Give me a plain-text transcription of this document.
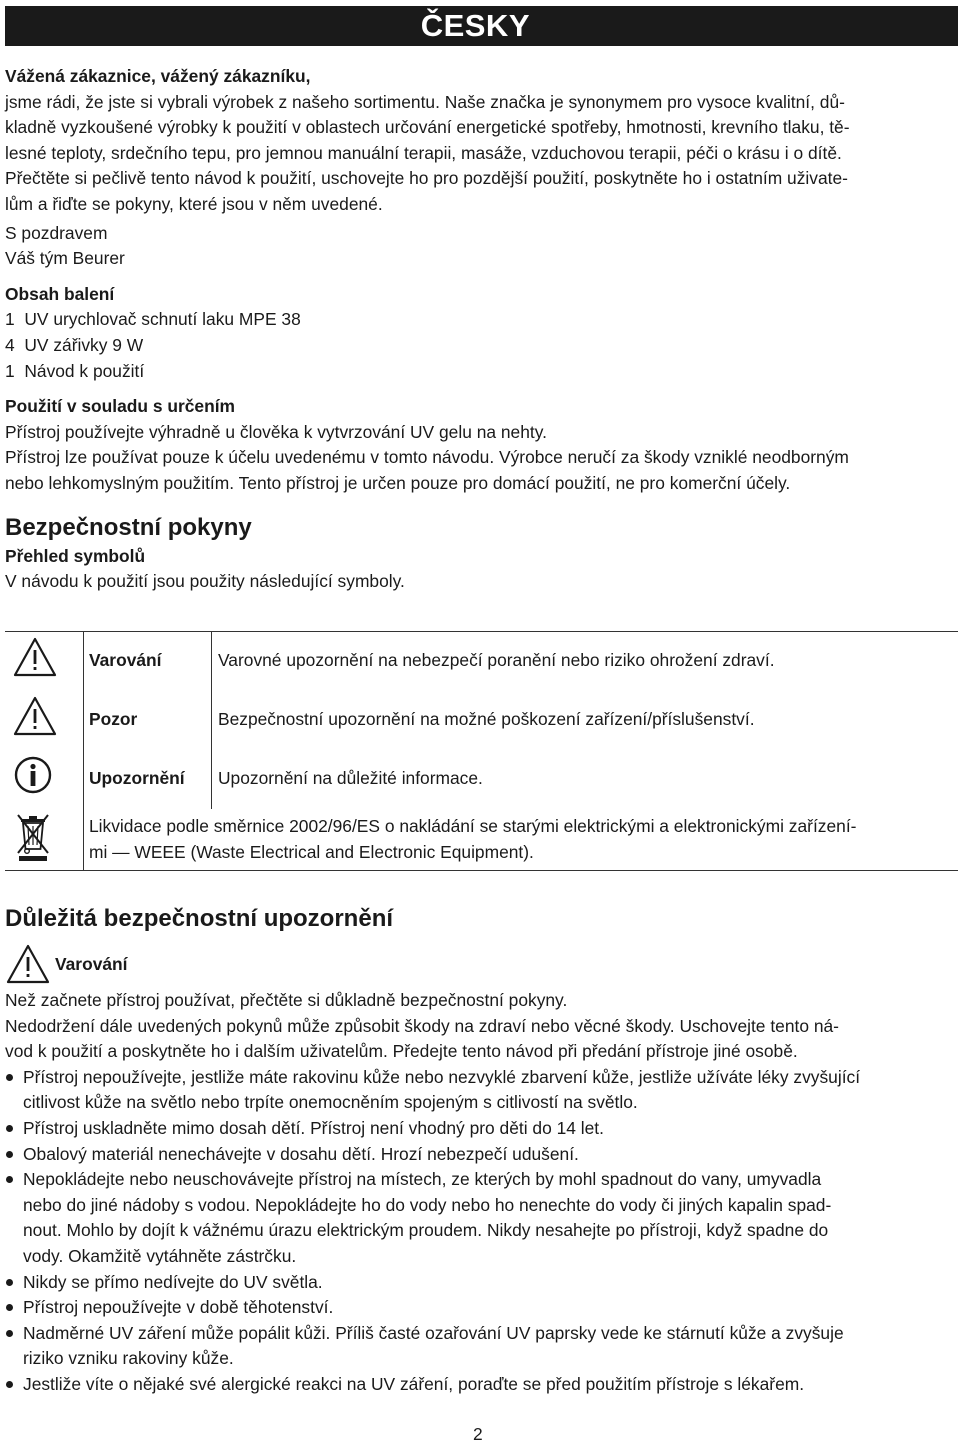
ČESKY

Vážená zákaznice, vážený zákazníku,

jsme rádi, že jste si vybrali výrobek z našeho sortimentu. Naše značka je synonymem pro vysoce kvalitní, dů-

kladně vyzkoušené výrobky k použití v oblastech určování energetické spotřeby, hmotnosti, krevního tlaku, tě-

lesné teploty, srdečního tepu, pro jemnou manuální terapii, masáže, vzduchovou terapii, péči o krásu i o dítě.

Přečtěte si pečlivě tento návod k použití, uschovejte ho pro pozdější použití, poskytněte ho i ostatním uživate-

lům a řiďte se pokyny, které jsou v něm uvedené.

S pozdravem

Váš tým Beurer

Obsah balení

1  UV urychlovač schnutí laku MPE 38

4  UV zářivky 9 W

1  Návod k použití

Použití v souladu s určením

Přístroj používejte výhradně u člověka k vytvrzování UV gelu na nehty.

Přístroj lze používat pouze k účelu uvedenému v tomto návodu. Výrobce neručí za škody vzniklé neodborným

nebo lehkomyslným použitím. Tento přístroj je určen pouze pro domácí použití, ne pro komerční účely.

Bezpečnostní pokyny

Přehled symbolů

V návodu k použití jsou použity následující symboly.

	Varování	Varovné upozornění na nebezpečí poranění nebo riziko ohrožení zdraví.
	Pozor	Bezpečnostní upozornění na možné poškození zařízení/příslušenství.
	Upozornění	Upozornění na důležité informace.

Likvidace podle směrnice 2002/96/ES o nakládání se starými elektrickými a elektronickými zařízení-
mi — WEEE (Waste Electrical and Electronic Equipment).	

Důležitá bezpečnostní upozornění

Varování

Než začnete přístroj používat, přečtěte si důkladně bezpečnostní pokyny.

Nedodržení dále uvedených pokynů může způsobit škody na zdraví nebo věcné škody. Uschovejte tento ná-

vod k použití a poskytněte ho i dalším uživatelům. Předejte tento návod při předání přístroje jiné osobě.

Přístroj nepoužívejte, jestliže máte rakovinu kůže nebo nezvyklé zbarvení kůže, jestliže užíváte léky zvyšující
citlivost kůže na světlo nebo trpíte onemocněním spojeným s citlivostí na světlo.
Přístroj uskladněte mimo dosah dětí. Přístroj není vhodný pro děti do 14 let.
Obalový materiál nenechávejte v dosahu dětí. Hrozí nebezpečí udušení.
Nepokládejte nebo neuschovávejte přístroj na místech, ze kterých by mohl spadnout do vany, umyvadla
nebo do jiné nádoby s vodou. Nepokládejte ho do vody nebo ho nenechte do vody či jiných kapalin spad-
nout. Mohlo by dojít k vážnému úrazu elektrickým proudem. Nikdy nesahejte po přístroji, když spadne do
vody. Okamžitě vytáhněte zástrčku.
Nikdy se přímo nedívejte do UV světla.
Přístroj nepoužívejte v době těhotenství.
Nadměrné UV záření může popálit kůži. Příliš časté ozařování UV paprsky vede ke stárnutí kůže a zvyšuje
riziko vzniku rakoviny kůže.
Jestliže víte o nějaké své alergické reakci na UV záření, poraďte se před použitím přístroje s lékařem.
2
